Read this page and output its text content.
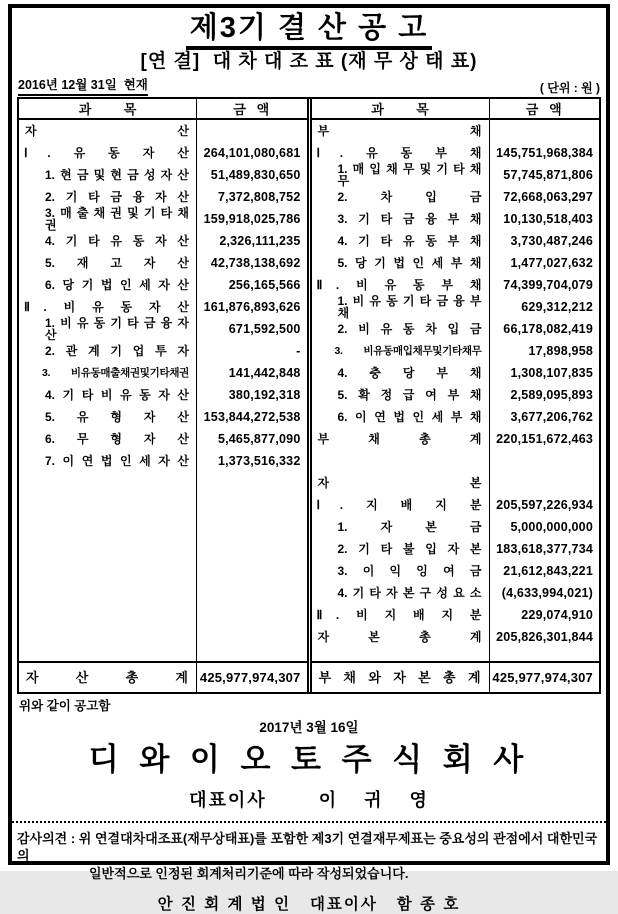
제3기 결 산 공 고
[연 결]  대 차 대 조 표 (재 무 상 태 표)
2016년 12월 31일  현재	( 단위 : 원 )
과         목	금   액
자 산
Ⅰ. 유 동 자 산	264,101,080,681
1. 현 금 및 현 금 성 자 산	51,489,830,650
2. 기 타 금 융 자 산	7,372,808,752
3. 매 출 채 권 및 기 타 채 권	159,918,025,786
4. 기 타 유 동 자 산	2,326,111,235
5. 재 고 자 산	42,738,138,692
6. 당 기 법 인 세 자 산	256,165,566
Ⅱ. 비 유 동 자 산	161,876,893,626
1. 비 유 동 기 타 금 융 자 산	671,592,500
2. 관 계 기 업 투 자	-
3. 비유동매출채권및기타채권	141,442,848
4. 기 타 비 유 동 자 산	380,192,318
5. 유 형 자 산	153,844,272,538
6. 무 형 자 산	5,465,877,090
7. 이 연 법 인 세 자 산	1,373,516,332
자 산 총 계 425,977,974,307
과         목	금   액
부 채
Ⅰ. 유 동 부 채	145,751,968,384
1. 매 입 채 무 및 기 타 채 무	57,745,871,806
2. 차 입 금	72,668,063,297
3. 기 타 금 융 부 채	10,130,518,403
4. 기 타 유 동 부 채	3,730,487,246
5. 당 기 법 인 세 부 채	1,477,027,632
Ⅱ. 비 유 동 부 채	74,399,704,079
1. 비 유 동 기 타 금 융 부 채	629,312,212
2. 비 유 동 차 입 금	66,178,082,419
3. 비유동매입채무및기타채무	17,898,958
4. 충 당 부 채	1,308,107,835
5. 확 정 급 여 부 채	2,589,095,893
6. 이 연 법 인 세 부 채	3,677,206,762
부 채 총 계	220,151,672,463
자 본
Ⅰ. 지 배 지 분	205,597,226,934
1. 자 본 금	5,000,000,000
2. 기 타 불 입 자 본	183,618,377,734
3. 이 익 잉 여 금	21,612,843,221
4. 기 타 자 본 구 성 요 소	(4,633,994,021)
Ⅱ. 비 지 배 지 분	229,074,910
자 본 총 계	205,826,301,844
부 채 와 자 본 총 계 425,977,974,307
위와 같이 공고함
2017년 3월 16일
디 와 이 오 토 주 식 회 사
대표이사        이    귀    영
감사의견 : 위 연결대차대조표(재무상태표)를 포함한 제3기 연결재무제표는 중요성의 관점에서 대한민국의
일반적으로 인정된 회계처리기준에 따라 작성되었습니다.
안 진 회 계 법 인   대표이사   함 종 호
